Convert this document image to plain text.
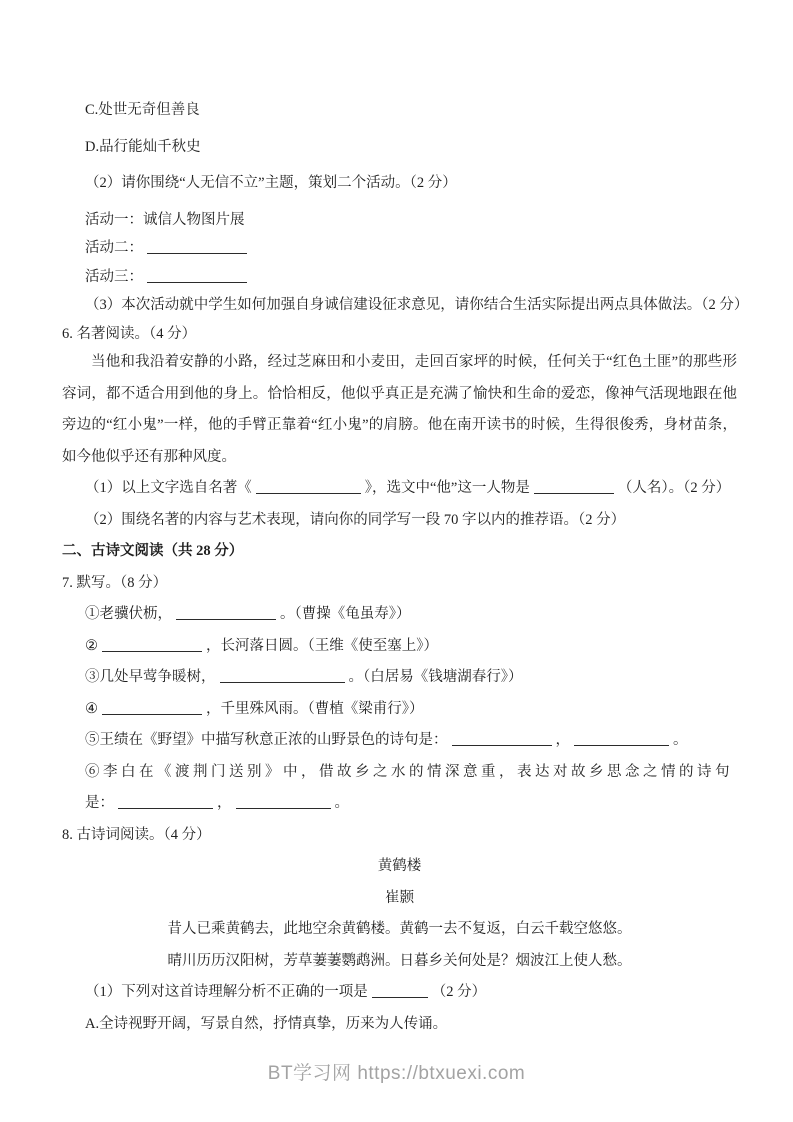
C.处世无奇但善良
D.品行能灿千秋史
（2）请你围绕“人无信不立”主题，策划二个活动。（2 分）
活动一：诚信人物图片展
活动二：
活动三：
（3）本次活动就中学生如何加强自身诚信建设征求意见，请你结合生活实际提出两点具体做法。（2 分）
6. 名著阅读。（4 分）
当他和我沿着安静的小路，经过芝麻田和小麦田，走回百家坪的时候，任何关于“红色土匪”的那些形容词，都不适合用到他的身上。恰恰相反，他似乎真正是充满了愉快和生命的爱恋，像神气活现地跟在他旁边的“红小鬼”一样，他的手臂正靠着“红小鬼”的肩膀。他在南开读书的时候，生得很俊秀，身材苗条，如今他似乎还有那种风度。
（1）以上文字选自名著《	》，选文中“他”这一人物是	（人名）。（2 分）
（2）围绕名著的内容与艺术表现，请向你的同学写一段 70 字以内的推荐语。（2 分）
二、古诗文阅读（共 28 分）
7. 默写。（8 分）
①老骥伏枥，	。（曹操《龟虽寿》）
②	，长河落日圆。（王维《使至塞上》）
③几处早莺争暖树，	。（白居易《钱塘湖春行》）
④	，千里殊风雨。（曹植《梁甫行》）
⑤王绩在《野望》中描写秋意正浓的山野景色的诗句是：	，	。
⑥李白在《渡荆门送别》中，借故乡之水的情深意重，表达对故乡思念之情的诗句
是：	，	。
8. 古诗词阅读。（4 分）
黄鹤楼
崔颢
昔人已乘黄鹤去，此地空余黄鹤楼。黄鹤一去不复返，白云千载空悠悠。
晴川历历汉阳树，芳草萋萋鹦鹉洲。日暮乡关何处是？烟波江上使人愁。
（1）下列对这首诗理解分析不正确的一项是	（2 分）
A.全诗视野开阔，写景自然，抒情真挚，历来为人传诵。
BT学习网 https://btxuexi.com
